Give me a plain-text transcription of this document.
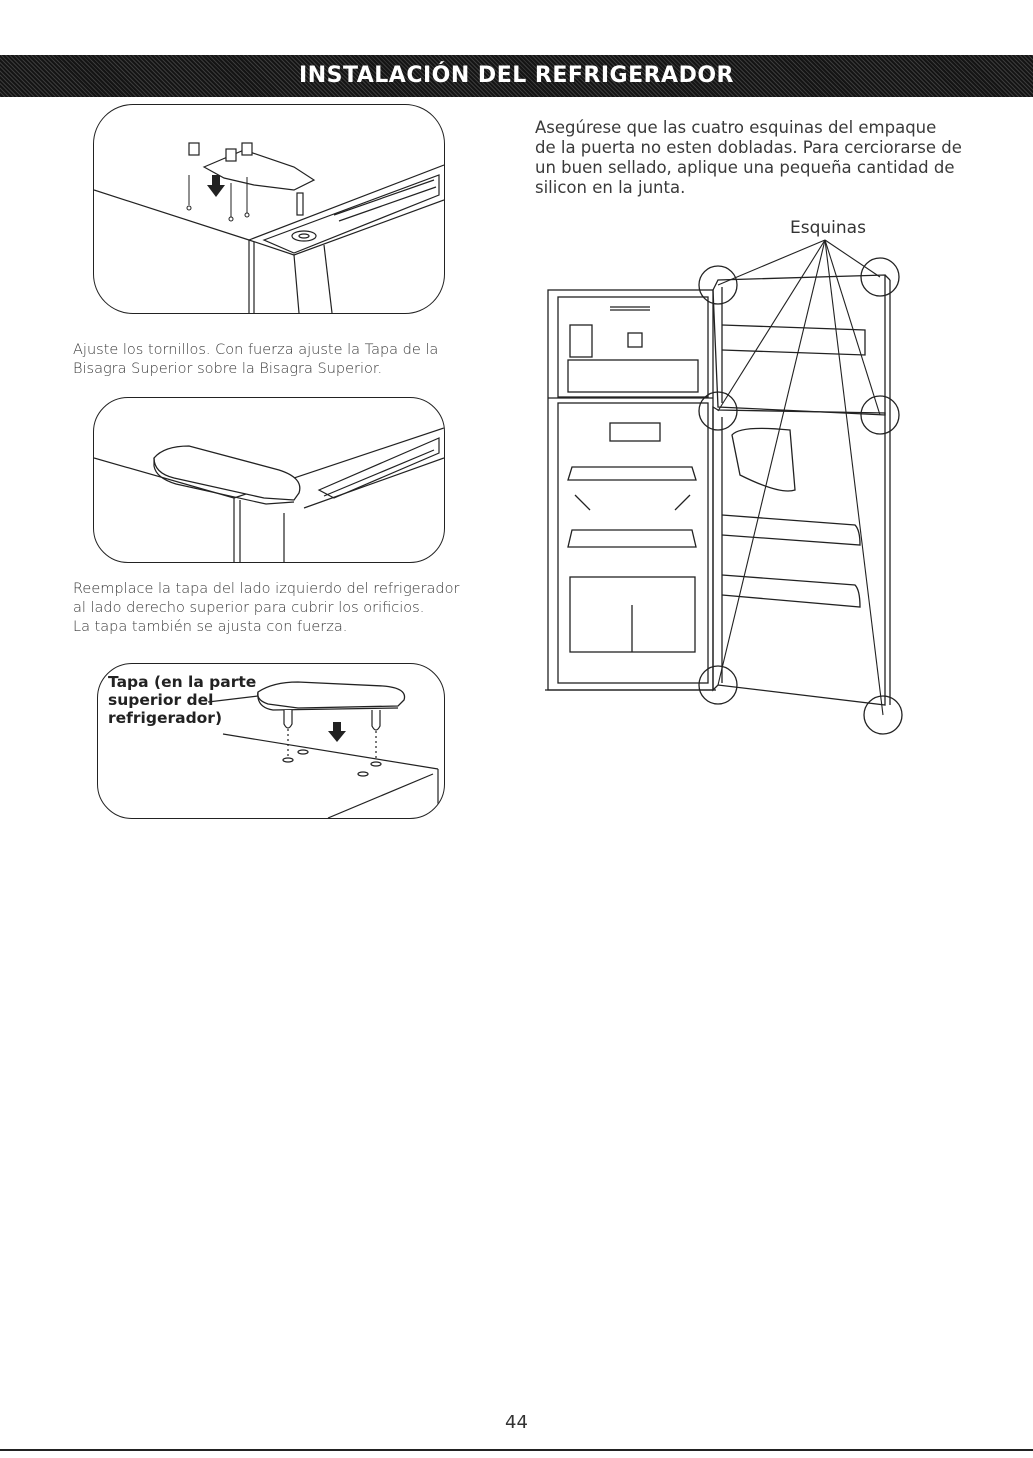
INSTALACIÓN DEL REFRIGERADOR

Ajuste los tornillos. Con fuerza ajuste la Tapa de la

Bisagra Superior sobre la Bisagra Superior.

Reemplace la tapa del lado izquierdo del refrigerador

al lado derecho superior para cubrir los orificios.

La tapa también se ajusta con fuerza.

Tapa (en la parte

superior del

refrigerador)

Asegúrese que las cuatro esquinas del empaque

de la puerta no esten dobladas. Para cerciorarse de

un buen sellado, aplique una pequeña cantidad de

silicon en la junta.

Esquinas
44
